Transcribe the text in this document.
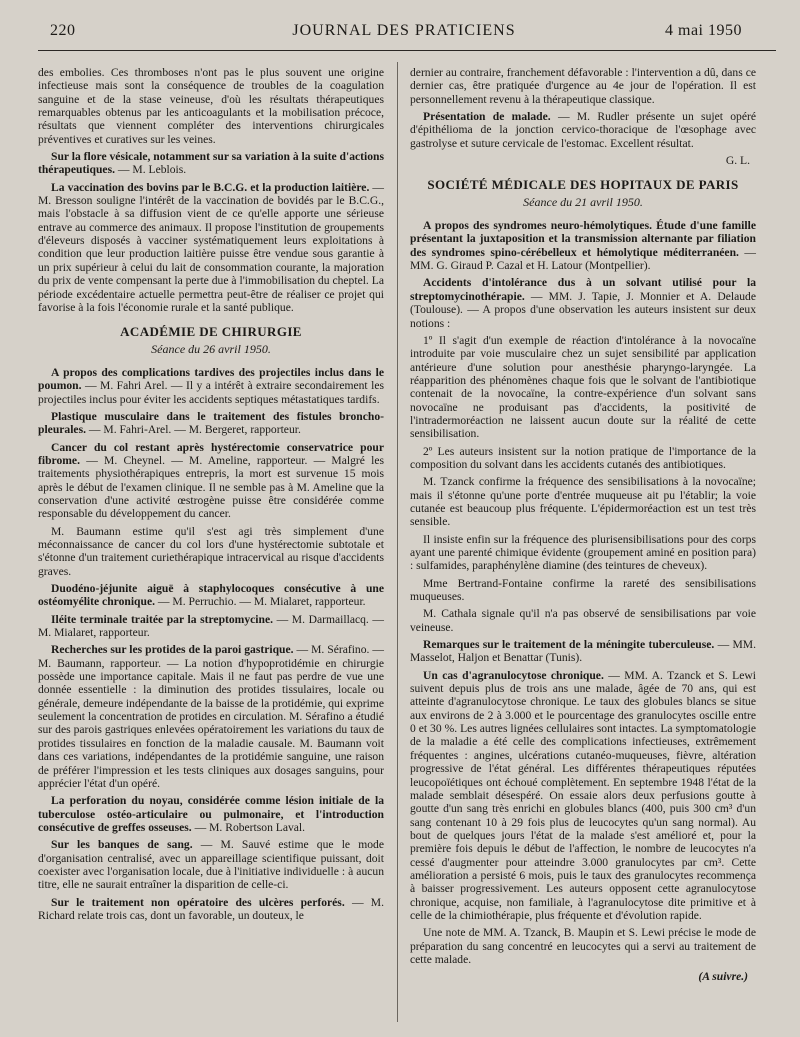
220	JOURNAL DES PRATICIENS	4 mai 1950

des embolies. Ces thromboses n'ont pas le plus souvent une origine infectieuse mais sont la conséquence de troubles de la coagulation sanguine et de la stase veineuse, d'où les résultats thérapeutiques remarquables obtenus par les anticoagulants et la mobilisation précoce, résultats que viennent compléter des interventions chirurgicales préventives et curatives sur les veines.

Sur la flore vésicale, notamment sur sa variation à la suite d'actions thérapeutiques. — M. Leblois.

La vaccination des bovins par le B.C.G. et la production laitière. — M. Bresson souligne l'intérêt de la vaccination de bovidés par le B.C.G., mais l'obstacle à sa diffusion vient de ce qu'elle apporte une sérieuse entrave au commerce des animaux. Il propose l'institution de groupements d'éleveurs disposés à vacciner systématiquement leurs exploitations à condition que leur production laitière puisse être vendue sous garantie à un prix supérieur à celui du lait de consommation courante, la majoration du prix de vente compensant la perte due à l'immobilisation du cheptel. La période excédentaire actuelle permettra peut-être de réaliser ce projet qui favorise à la fois l'économie rurale et la santé publique.

ACADÉMIE DE CHIRURGIE
Séance du 26 avril 1950.

A propos des complications tardives des projectiles inclus dans le poumon. — M. Fahri Arel. — Il y a intérêt à extraire secondairement les projectiles inclus pour éviter les accidents septiques métastatiques tardifs.

Plastique musculaire dans le traitement des fistules broncho-pleurales. — M. Fahri-Arel. — M. Bergeret, rapporteur.

Cancer du col restant après hystérectomie conservatrice pour fibrome. — M. Cheynel. — M. Ameline, rapporteur. — Malgré les traitements physiothérapiques entrepris, la mort est survenue 15 mois après le début de l'examen clinique. Il ne semble pas à M. Ameline que la conservation d'une activité œstrogène puisse être considérée comme responsable du développement du cancer.

M. Baumann estime qu'il s'est agi très simplement d'une méconnaissance de cancer du col lors d'une hystérectomie subtotale et s'étonne d'un traitement curiethérapique intracervical au risque d'accidents graves.

Duodéno-jéjunite aiguë à staphylocoques consécutive à une ostéomyélite chronique. — M. Perruchio. — M. Mialaret, rapporteur.

Iléite terminale traitée par la streptomycine. — M. Darmaillacq. — M. Mialaret, rapporteur.

Recherches sur les protides de la paroi gastrique. — M. Sérafino. — M. Baumann, rapporteur. — La notion d'hypoprotidémie en chirurgie possède une importance capitale. Mais il ne faut pas perdre de vue une donnée essentielle : la diminution des protides tissulaires, locale ou générale, demeure indépendante de la baisse de la protidémie, qui exprime seulement la concentration de protides en circulation. M. Sérafino a étudié sur des parois gastriques enlevées opératoirement les variations du taux de protides tissulaires en fonction de la maladie causale. M. Baumann voit dans ces variations, indépendantes de la protidémie sanguine, une raison de préférer l'impression et les tests cliniques aux dosages sanguins, pour apprécier l'état d'un opéré.

La perforation du noyau, considérée comme lésion initiale de la tuberculose ostéo-articulaire ou pulmonaire, et l'introduction consécutive de greffes osseuses. — M. Robertson Laval.

Sur les banques de sang. — M. Sauvé estime que le mode d'organisation centralisé, avec un appareillage scientifique puissant, doit coexister avec l'organisation locale, due à l'initiative individuelle : à aucun titre, elle ne saurait entraîner la disparition de celle-ci.

Sur le traitement non opératoire des ulcères perforés. — M. Richard relate trois cas, dont un favorable, un douteux, le

dernier au contraire, franchement défavorable : l'intervention a dû, dans ce dernier cas, être pratiquée d'urgence au 4e jour de l'opération. Il est personnellement revenu à la thérapeutique classique.

Présentation de malade. — M. Rudler présente un sujet opéré d'épithélioma de la jonction cervico-thoracique de l'œsophage avec gastrolyse et suture cervicale de l'estomac. Excellent résultat.

G. L.
SOCIÉTÉ MÉDICALE DES HOPITAUX DE PARIS
Séance du 21 avril 1950.

A propos des syndromes neuro-hémolytiques. Étude d'une famille présentant la juxtaposition et la transmission alternante par filiation des syndromes spino-cérébelleux et hémolytique méditerranéen. — MM. G. Giraud P. Cazal et H. Latour (Montpellier).

Accidents d'intolérance dus à un solvant utilisé pour la streptomycinothérapie. — MM. J. Tapie, J. Monnier et A. Delaude (Toulouse). — A propos d'une observation les auteurs insistent sur deux notions :

1º Il s'agit d'un exemple de réaction d'intolérance à la novocaïne introduite par voie musculaire chez un sujet sensibilité par application antérieure d'une solution pour anesthésie pharyngo-laryngée. La réapparition des phénomènes chaque fois que le solvant de l'antibiotique contenait de la novocaïne, la contre-expérience d'un solvant sans novocaïne ne produisant pas d'accidents, la positivité de l'intradermoréaction ne laissent aucun doute sur la réalité de cette sensibilisation.

2º Les auteurs insistent sur la notion pratique de l'importance de la composition du solvant dans les accidents cutanés des antibiotiques.

M. Tzanck confirme la fréquence des sensibilisations à la novocaïne; mais il s'étonne qu'une porte d'entrée muqueuse ait pu l'établir; la voie cutanée est beaucoup plus fréquente. L'épidermoréaction est un test très sensible.

Il insiste enfin sur la fréquence des plurisensibilisations pour des corps ayant une parenté chimique évidente (groupement aminé en position para) : sulfamides, paraphénylène diamine (des teintures de cheveux).

Mme Bertrand-Fontaine confirme la rareté des sensibilisations muqueuses.

M. Cathala signale qu'il n'a pas observé de sensibilisations par voie veineuse.

Remarques sur le traitement de la méningite tuberculeuse. — MM. Masselot, Haljon et Benattar (Tunis).

Un cas d'agranulocytose chronique. — MM. A. Tzanck et S. Lewi suivent depuis plus de trois ans une malade, âgée de 70 ans, qui est atteinte d'agranulocytose chronique. Le taux des globules blancs se situe aux environs de 2 à 3.000 et le pourcentage des granulocytes oscille entre 0 et 30 %. Les autres lignées cellulaires sont intactes. La symptomatologie de la maladie a été celle des complications infectieuses, extrêmement fréquentes : angines, ulcérations cutanéo-muqueuses, fièvre, altération progressive de l'état général. Les différentes thérapeutiques réputées leucopoïétiques ont échoué complètement. En septembre 1948 l'état de la malade semblait désespéré. On essaie alors deux perfusions goutte à goutte d'un sang très enrichi en globules blancs (400, puis 300 cm³ d'un sang contenant 10 à 29 fois plus de leucocytes qu'un sang normal). Au bout de quelques jours l'état de la malade s'est amélioré et, pour la première fois depuis le début de l'affection, le nombre de leucocytes n'a cessé d'augmenter pour atteindre 3.000 granulocytes par cm³. Cette amélioration a persisté 6 mois, puis le taux des granulocytes recommença à baisser progressivement. Les auteurs opposent cette agranulocytose chronique, acquise, non familiale, à l'agranulocytose dite primitive et à celle de la chimiothérapie, plus fréquente et d'évolution rapide.

Une note de MM. A. Tzanck, B. Maupin et S. Lewi précise le mode de préparation du sang concentré en leucocytes qui a servi au traitement de cette malade.

(A suivre.)
